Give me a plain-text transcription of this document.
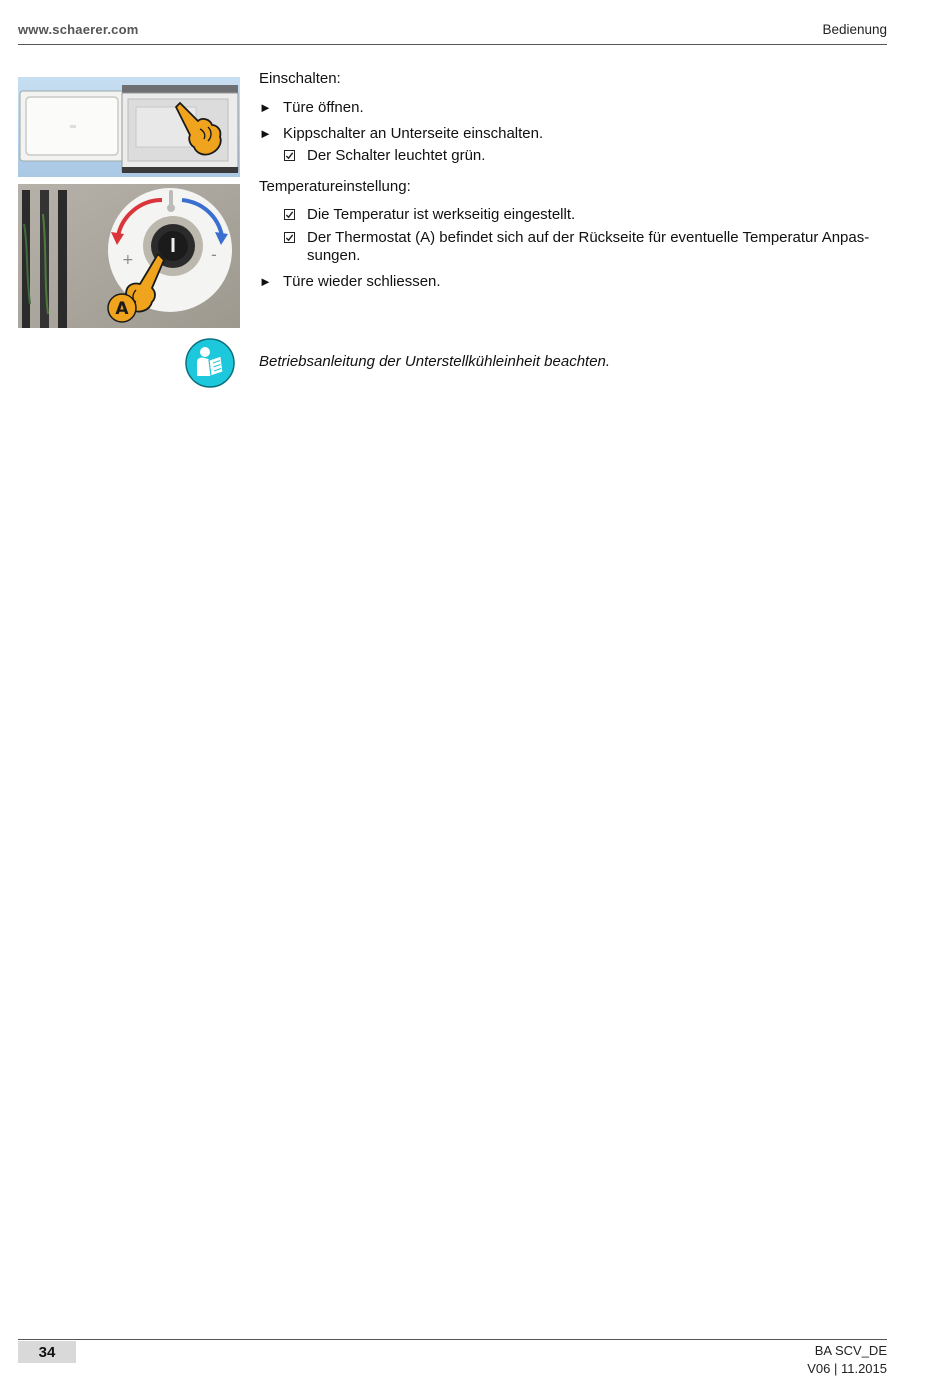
www.schaerer.com	Bedienung
+	-
A
Einschalten:
► Türe öffnen.
► Kippschalter an Unterseite einschalten.
Der Schalter leuchtet grün.
Temperatureinstellung:
Die Temperatur ist werkseitig eingestellt.
Der Thermostat (A) befindet sich auf der Rückseite für eventuelle Temperatur Anpas-
sungen.
► Türe wieder schliessen.
Betriebsanleitung der Unterstellkühleinheit beachten.
34	BA SCV_DE
V06 | 11.2015
